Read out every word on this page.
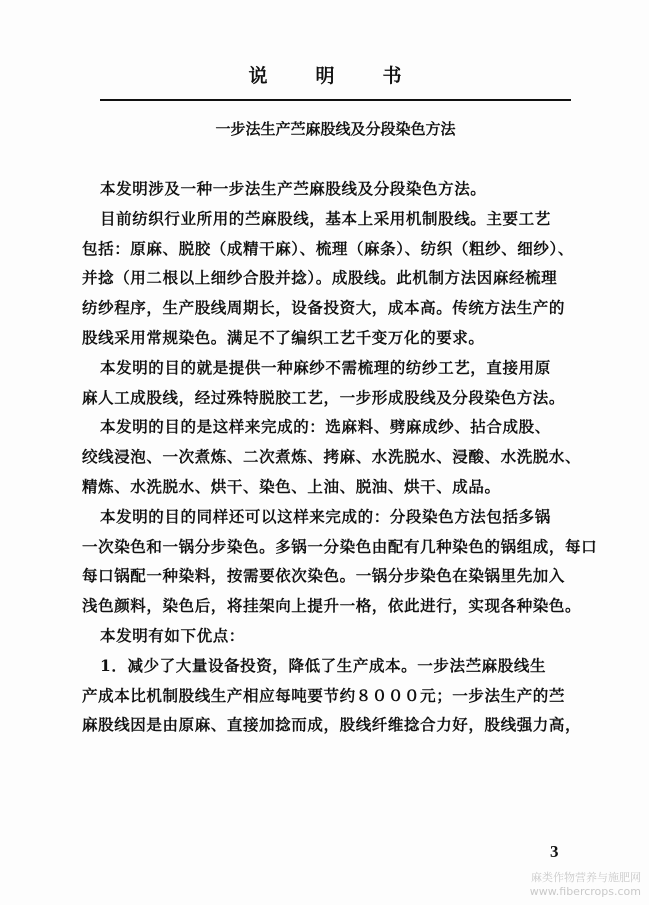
说明书
一步法生产苎麻股线及分段染色方法
本发明涉及一种一步法生产苎麻股线及分段染色方法。
目前纺织行业所用的苎麻股线，基本上采用机制股线。主要工艺
包括：原麻、脱胶（成精干麻）、梳理（麻条）、纺织（粗纱、细纱）、
并捻（用二根以上细纱合股并捻）。成股线。此机制方法因麻经梳理
纺纱程序，生产股线周期长，设备投资大，成本高。传统方法生产的
股线采用常规染色。满足不了编织工艺千变万化的要求。
本发明的目的就是提供一种麻纱不需梳理的纺纱工艺，直接用原
麻人工成股线，经过殊特脱胶工艺，一步形成股线及分段染色方法。
本发明的目的是这样来完成的：选麻料、劈麻成纱、拈合成股、
绞线浸泡、一次煮炼、二次煮炼、拷麻、水洗脱水、浸酸、水洗脱水、
精炼、水洗脱水、烘干、染色、上油、脱油、烘干、成品。
本发明的目的同样还可以这样来完成的：分段染色方法包括多锅
一次染色和一锅分步染色。多锅一分染色由配有几种染色的锅组成，每口
每口锅配一种染料，按需要依次染色。一锅分步染色在染锅里先加入
浅色颜料，染色后，将挂架向上提升一格，依此进行，实现各种染色。
本发明有如下优点：
1．减少了大量设备投资，降低了生产成本。一步法苎麻股线生
产成本比机制股线生产相应每吨要节约８０００元；一步法生产的苎
麻股线因是由原麻、直接加捻而成，股线纤维捻合力好，股线强力高，
3
麻类作物营养与施肥网
www.fibercrops.com
